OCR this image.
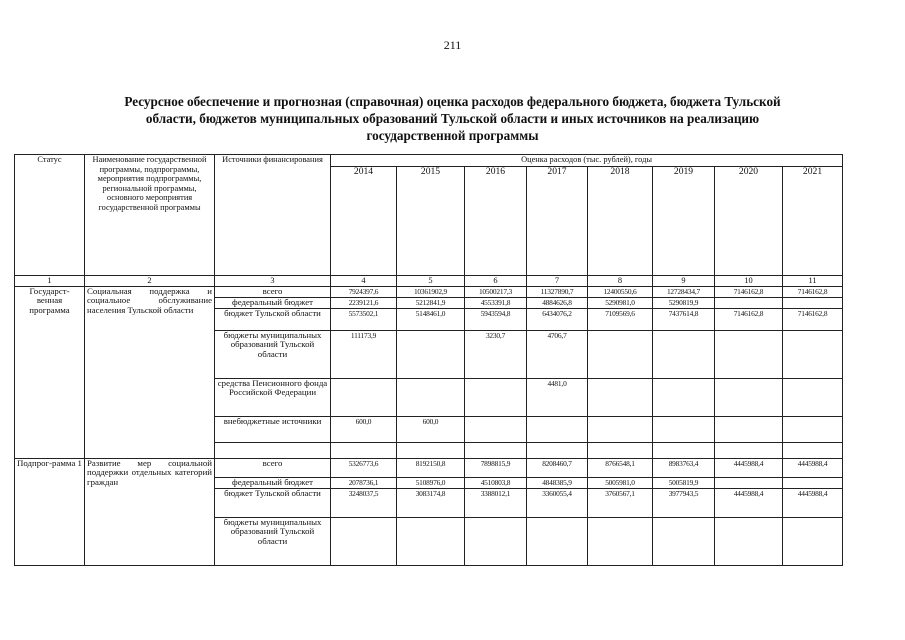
211
Ресурсное обеспечение и прогнозная (справочная) оценка расходов федерального бюджета, бюджета Тульской
области, бюджетов муниципальных образований Тульской области и иных источников на реализацию
государственной программы
Статус	Наименование государственной программы, подпрограммы, мероприятия подпрограммы, региональной программы, основного мероприятия государственной программы	Источники финансирования	Оценка расходов (тыс. рублей), годы							
			2014	2015	2016	2017	2018	2019	2020	2021
1	2	3	4	5	6	7	8	9	10	11
Государст-венная программа	Социальная поддержка и социальное обслуживание населения Тульской области	всего	7924397,6	10361902,9	10500217,3	11327890,7	12400550,6	12728434,7	7146162,8	7146162,8
		федеральный бюджет	2239121,6	5212841,9	4553391,8	4884626,8	5290981,0	5290819,9		
		бюджет Тульской области	5573502,1	5148461,0	5943594,8	6434076,2	7109569,6	7437614,8	7146162,8	7146162,8
		бюджеты муниципальных образований Тульской области	111173,9		3230,7	4706,7				
		средства Пенсионного фонда Российской Федерации				4481,0				
		внебюджетные источники	600,0	600,0						

Подпрог-рамма 1	Развитие мер социальной поддержки отдельных категорий граждан	всего	5326773,6	8192150,8	7898815,9	8208460,7	8766548,1	8983763,4	4445988,4	4445988,4
		федеральный бюджет	2078736,1	5108976,0	4510803,8	4848385,9	5005981,0	5005819,9		
		бюджет Тульской области	3248037,5	3083174,8	3388012,1	3360055,4	3760567,1	3977943,5	4445988,4	4445988,4
		бюджеты муниципальных образований Тульской области								
